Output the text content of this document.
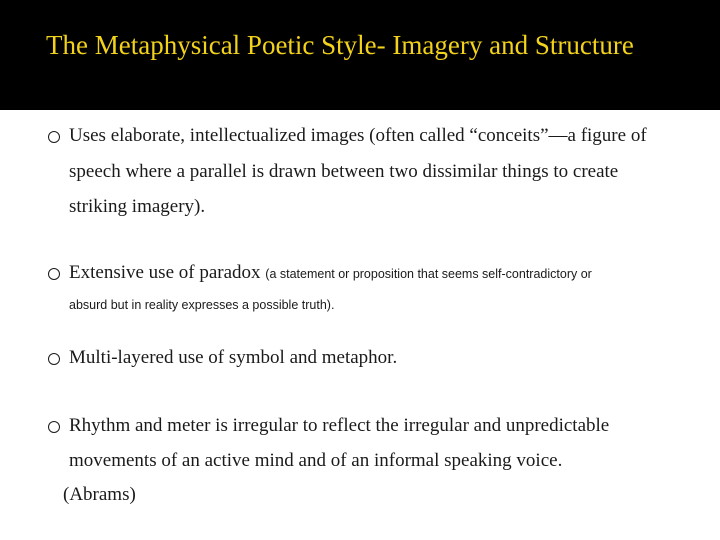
The Metaphysical Poetic Style- Imagery and Structure
Uses elaborate, intellectualized images (often called “conceits”—a figure of
speech where a parallel is drawn between two dissimilar things to create
striking imagery).
Extensive use of paradox (a statement or proposition that seems self-contradictory or
absurd but in reality expresses a possible truth).
Multi-layered use of symbol and metaphor.
Rhythm and meter is irregular to reflect the irregular and unpredictable
movements of an active mind and of an informal speaking voice.
(Abrams)
